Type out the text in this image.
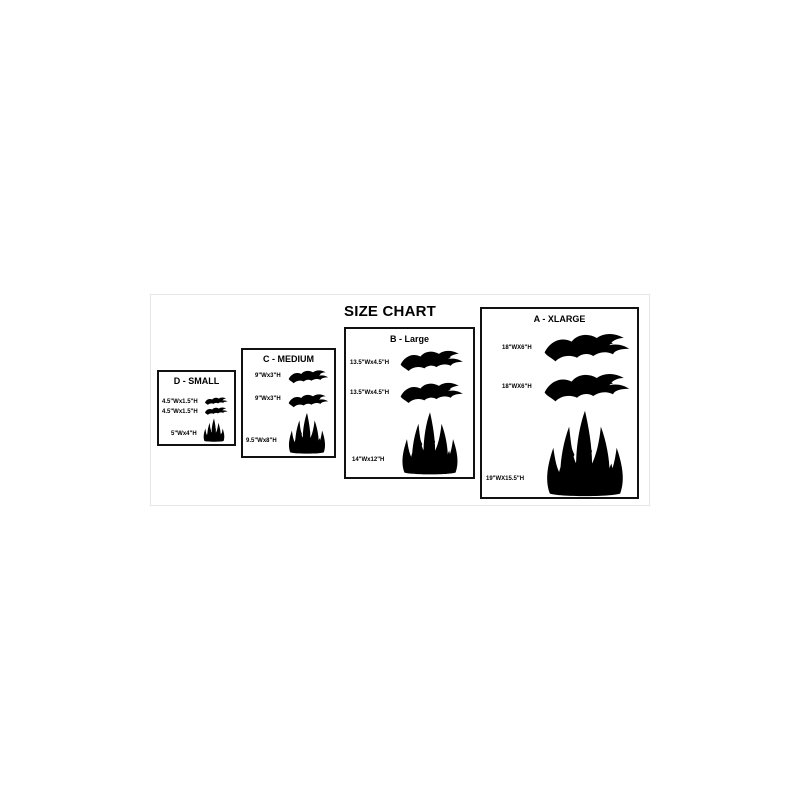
SIZE CHART
D - SMALL
4.5"Wx1.5"H
4.5"Wx1.5"H
5"Wx4"H
C - MEDIUM
9"Wx3"H
9"Wx3"H
9.5"Wx8"H
B - Large
13.5"Wx4.5"H
13.5"Wx4.5"H
14"Wx12"H
A - XLARGE
18"WX6"H
18"WX6"H
19"WX15.5"H
